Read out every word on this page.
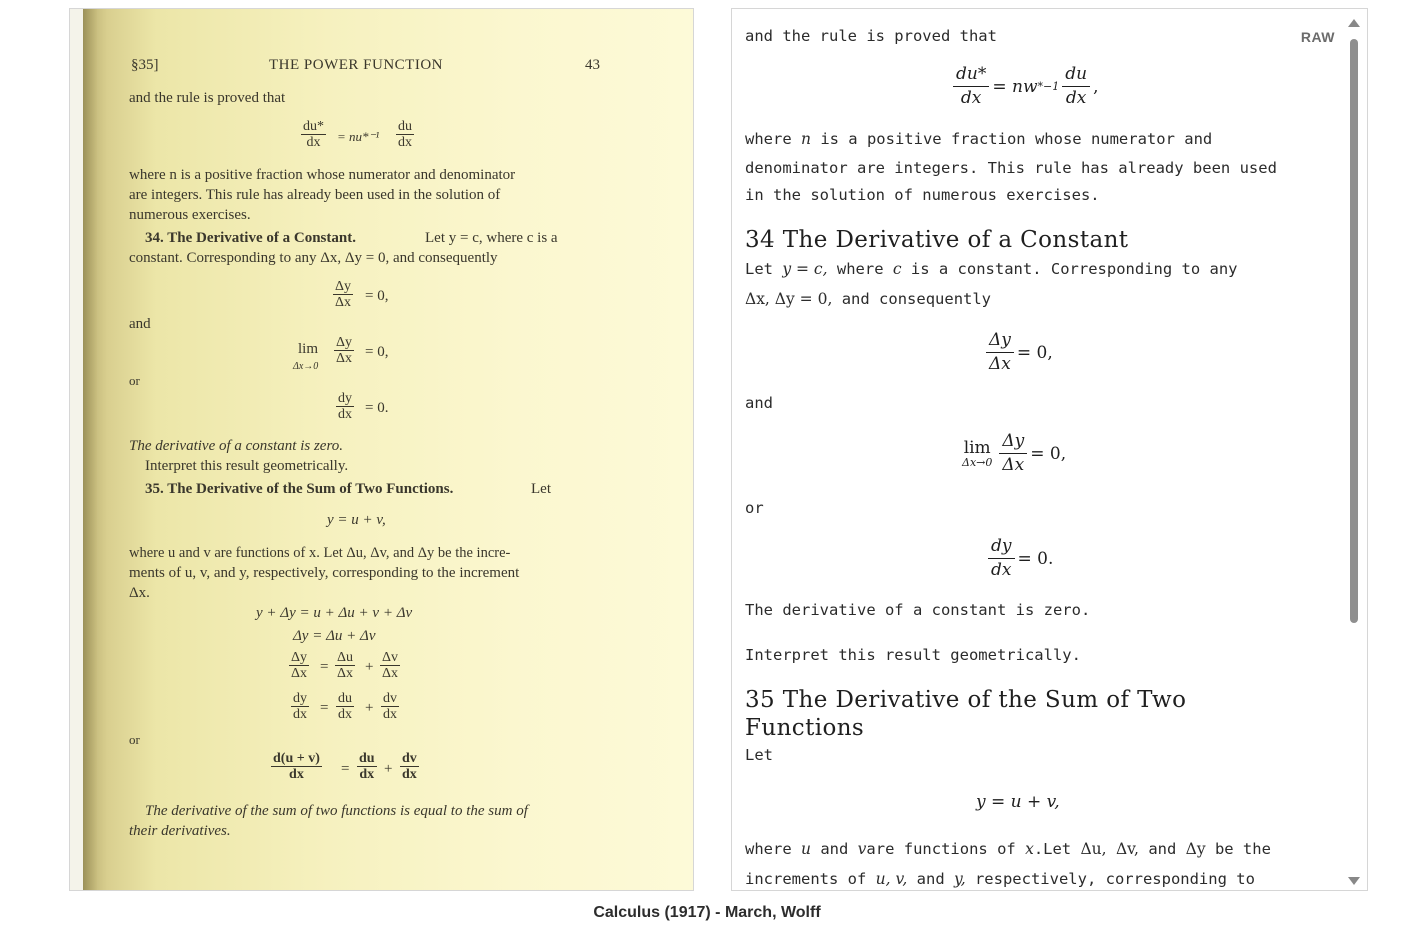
§35]	THE POWER FUNCTION	43
and the rule is proved that
du*
dx	= nu*⁻¹
du
dx
where n is a positive fraction whose numerator and denominator
are integers. This rule has already been used in the solution of
numerous exercises.
34. The Derivative of a Constant.	Let y = c, where c is a
constant. Corresponding to any Δx, Δy = 0, and consequently
Δy
Δx = 0,
and
lim
Δx→0
Δy
Δx = 0,
or
dy
dx = 0.
The derivative of a constant is zero.
Interpret this result geometrically.
35. The Derivative of the Sum of Two Functions.	Let
y = u + v,
where u and v are functions of x. Let Δu, Δv, and Δy be the incre-
ments of u, v, and y, respectively, corresponding to the increment
Δx.
y + Δy = u + Δu + v + Δv
Δy = Δu + Δv
Δy
Δx =
Δu
Δx +
Δv
Δx
dy
dx =
du
dx +
dv
dx
or
d(u + v)
dx	=
du
dx +
dv
dx
The derivative of the sum of two functions is equal to the sum of
their derivatives.
RAW
and the rule is proved that
$\frac{du*}{dx}$ = nw $*-1 \frac{du}{dx}$ ,
where n is a positive fraction whose numerator and
denominator are integers. This rule has already been used
in the solution of numerous exercises.
34 The Derivative of a Constant
Let y = c, where c is a constant. Corresponding to any
Δx, Δy = 0, and consequently
$\frac{\Delta y}{\Delta x} = 0$,
and
lim
$\Delta x\to 0 \frac{\Delta y}{\Delta x} = 0$,
or
$\frac{dy}{dx} = 0$.
The derivative of a constant is zero.
Interpret this result geometrically.
35 The Derivative of the Sum of Two
Functions
Let
y = u + v,
where u and vare functions of x.Let Δu, Δv, and Δy be the
increments of u, v, and y, respectively, corresponding to
Calculus (1917) - March, Wolff
